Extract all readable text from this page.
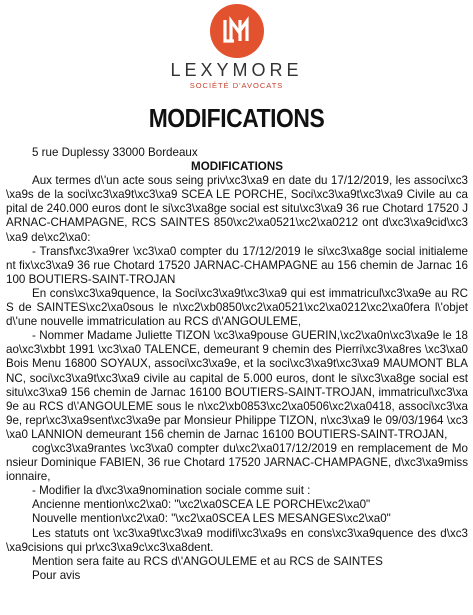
LEXYMORE
SOCIÉTÉ D'AVOCATS
MODIFICATIONS

5 rue Duplessy 33000 Bordeaux

MODIFICATIONS

Aux termes d\'un acte sous seing priv\xc3\xa9 en date du 17/12/2019, les associ\xc3\xa9s de la soci\xc3\xa9t\xc3\xa9 SCEA LE PORCHE, Soci\xc3\xa9t\xc3\xa9 Civile au capital de 240.000 euros dont le si\xc3\xa8ge social est situ\xc3\xa9 36 rue Chotard 17520 JARNAC-CHAMPAGNE, RCS SAINTES 850\xc2\xa0521\xc2\xa0212 ont d\xc3\xa9cid\xc3\xa9 de\xc2\xa0:

- Transf\xc3\xa9rer \xc3\xa0 compter du 17/12/2019 le si\xc3\xa8ge social initialement fix\xc3\xa9 36 rue Chotard 17520 JARNAC-CHAMPAGNE au 156 chemin de Jarnac 16100 BOUTIERS-SAINT-TROJAN

En cons\xc3\xa9quence, la Soci\xc3\xa9t\xc3\xa9 qui est immatricul\xc3\xa9e au RCS de SAINTES\xc2\xa0sous le n\xc2\xb0850\xc2\xa0521\xc2\xa0212\xc2\xa0fera l\'objet d\'une nouvelle immatriculation au RCS d\'ANGOULEME,

- Nommer Madame Juliette TIZON \xc3\xa9pouse GUERIN,\xc2\xa0n\xc3\xa9e le 18 ao\xc3\xbbt 1991 \xc3\xa0 TALENCE, demeurant 9 chemin des Pierri\xc3\xa8res \xc3\xa0 Bois Menu 16800 SOYAUX, associ\xc3\xa9e, et la soci\xc3\xa9t\xc3\xa9 MAUMONT BLANC, soci\xc3\xa9t\xc3\xa9 civile au capital de 5.000 euros, dont le si\xc3\xa8ge social est situ\xc3\xa9 156 chemin de Jarnac 16100 BOUTIERS-SAINT-TROJAN, immatricul\xc3\xa9e au RCS d\'ANGOULEME sous le n\xc2\xb0853\xc2\xa0506\xc2\xa0418, associ\xc3\xa9e, repr\xc3\xa9sent\xc3\xa9e par Monsieur Philippe TIZON, n\xc3\xa9 le 09/03/1964 \xc3\xa0 LANNION demeurant 156 chemin de Jarnac 16100 BOUTIERS-SAINT-TROJAN,

cog\xc3\xa9rantes \xc3\xa0 compter du\xc2\xa017/12/2019 en remplacement de Monsieur Dominique FABIEN, 36 rue Chotard 17520 JARNAC-CHAMPAGNE, d\xc3\xa9missionnaire,

- Modifier la d\xc3\xa9nomination sociale comme suit :

Ancienne mention\xc2\xa0: "\xc2\xa0SCEA LE PORCHE\xc2\xa0"

Nouvelle mention\xc2\xa0: "\xc2\xa0SCEA LES MESANGES\xc2\xa0"

Les statuts ont \xc3\xa9t\xc3\xa9 modifi\xc3\xa9s en cons\xc3\xa9quence des d\xc3\xa9cisions qui pr\xc3\xa9c\xc3\xa8dent.

Mention sera faite au RCS d\'ANGOULEME et au RCS de SAINTES

Pour avis
